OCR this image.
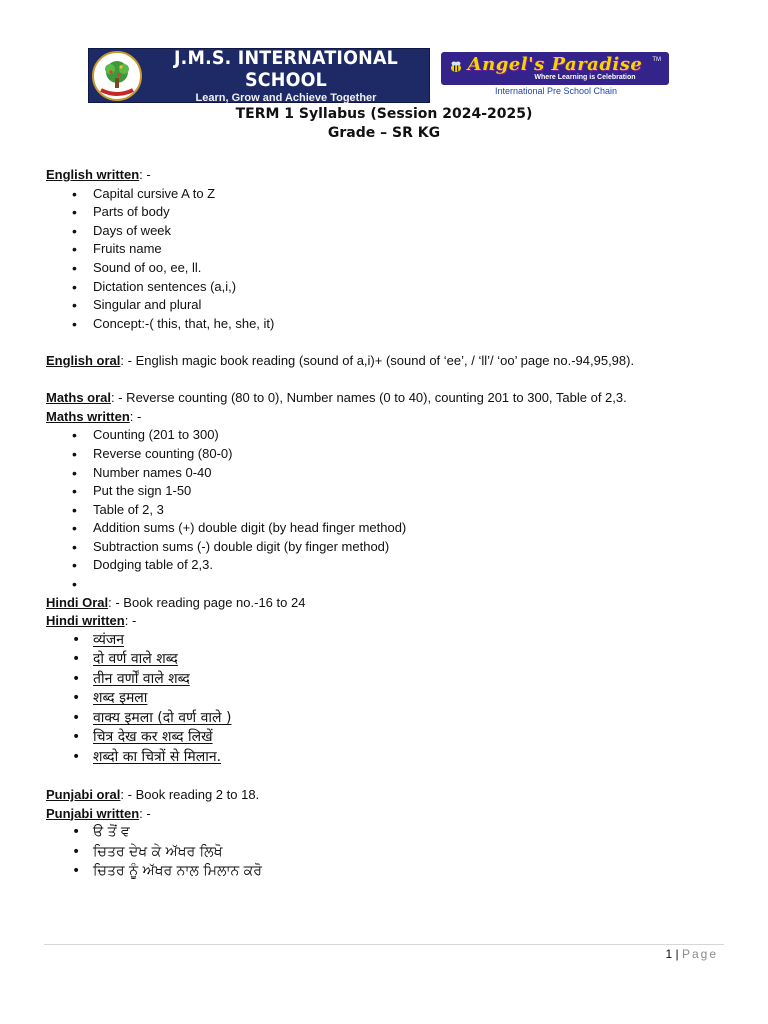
J.M.S. INTERNATIONAL SCHOOL
Learn, Grow and Achieve Together
Angel's Paradise
Where Learning is Celebration
TM
International Pre School Chain
TERM 1 Syllabus (Session 2024-2025)
Grade – SR KG

English written: -

• Capital cursive A to Z
• Parts of body
• Days of week
• Fruits name
• Sound of oo, ee, ll.
• Dictation sentences (a,i,)
• Singular and plural
• Concept:-( this, that, he, she, it)

English oral: - English magic book reading (sound of a,i)+ (sound of ‘ee’, / ‘ll’/ ‘oo’ page no.-94,95,98).

Maths oral: - Reverse counting (80 to 0), Number names (0 to 40), counting 201 to 300, Table of 2,3.

Maths written: -

• Counting (201 to 300)
• Reverse counting (80-0)
• Number names 0-40
• Put the sign 1-50
• Table of 2, 3
• Addition sums (+) double digit (by head finger method)
• Subtraction sums (-) double digit (by finger method)
• Dodging table of 2,3.
•

Hindi Oral: - Book reading page no.-16 to 24

Hindi written: -

• व्यंजन
• दो वर्ण वाले शब्द
• तीन वर्णों वाले शब्द
• शब्द इमला
• वाक्य इमला (दो वर्ण वाले )
• चित्र देख कर शब्द लिखें
• शब्दो का चित्रों से मिलान.

Punjabi oral: - Book reading 2 to 18.

Punjabi written: -

• ੳ ਤੋਂ ਵ
• ਚਿਤਰ ਦੇਖ ਕੇ ਅੱਖਰ ਲਿਖੋ
• ਚਿਤਰ ਨੂੰ ਅੱਖਰ ਨਾਲ ਮਿਲਾਨ ਕਰੋ
1 | Page
